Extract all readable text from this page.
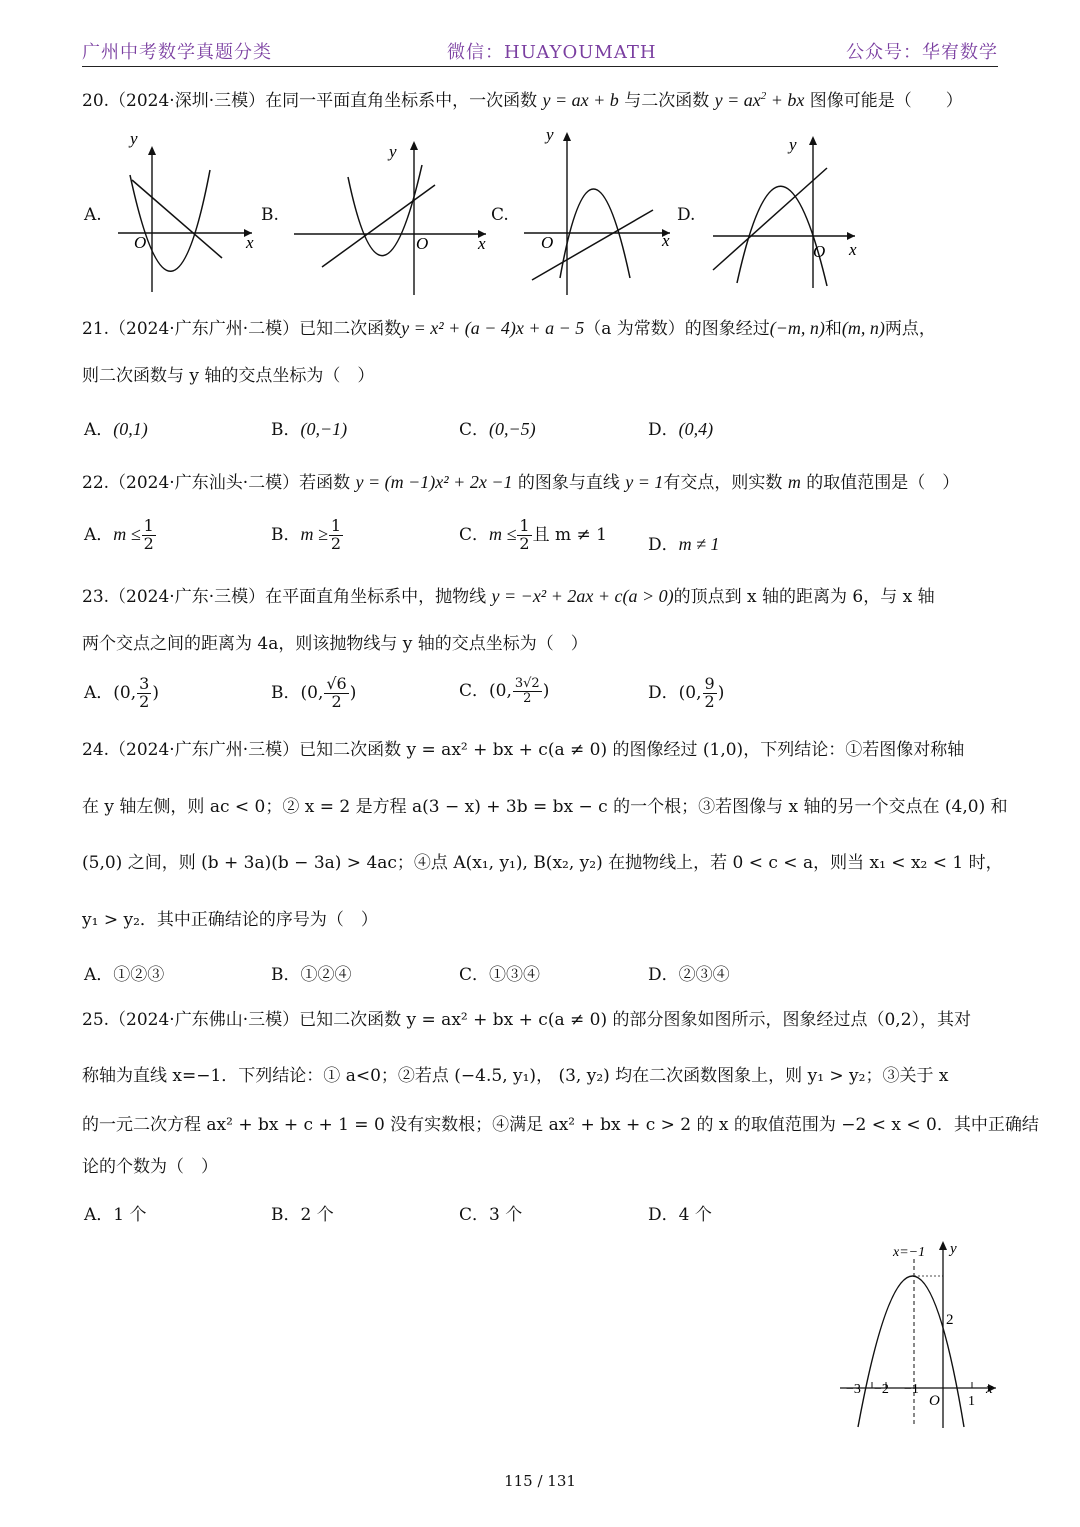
广州中考数学真题分类	微信：HUAYOUMATH	公众号：华宥数学
20.（2024·深圳·三模）在同一平面直角坐标系中，一次函数 y = ax + b 与二次函数 $y = ax^2$ + bx 图像可能是（　　）
A.	B.	C.	D.
y
x
O
y
x
O
y
x
O
y
x
O
21.（2024·广东广州·二模）已知二次函数y = x² + (a − 4)x + a − 5（a 为常数）的图象经过(−m, n)和(m, n)两点，
则二次函数与 y 轴的交点坐标为（　）
A．(0,1)	B．(0,−1)	C．(0,−5)	D．(0,4)
22.（2024·广东汕头·二模）若函数 y = (m −1)x² + 2x −1 的图象与直线 y = 1有交点，则实数 m 的取值范围是（　）
A．$m \le \frac{1}{2}$	B．$m \ge \frac{1}{2}$	C．$m \le \frac{1}{2}$ 且 m ≠ 1
D．m ≠ 1
23.（2024·广东·三模）在平面直角坐标系中，抛物线 y = −x² + 2ax + c(a > 0)的顶点到 x 轴的距离为 6，与 x 轴
两个交点之间的距离为 4a，则该抛物线与 y 轴的交点坐标为（　）
A．(0, $\frac{3}{2}$ )	B．(0, $\frac{√6}{2}$ )	C．(0, $\frac{3√2}{2}$ )	D．(0, $\frac{9}{2}$ )
24.（2024·广东广州·三模）已知二次函数 y = ax² + bx + c(a ≠ 0) 的图像经过 (1,0)，下列结论：①若图像对称轴
在 y 轴左侧，则 ac < 0；② x = 2 是方程 a(3 − x) + 3b = bx − c 的一个根；③若图像与 x 轴的另一个交点在 (4,0) 和
(5,0) 之间，则 (b + 3a)(b − 3a) > 4ac；④点 A(x₁, y₁), B(x₂, y₂) 在抛物线上，若 0 < c < a，则当 x₁ < x₂ < 1 时，
y₁ > y₂．其中正确结论的序号为（　）
A．①②③	B．①②④	C．①③④	D．②③④
25.（2024·广东佛山·三模）已知二次函数 y = ax² + bx + c(a ≠ 0) 的部分图象如图所示，图象经过点（0,2），其对
称轴为直线 x=−1．下列结论：① a<0；②若点 (−4.5, y₁)， (3, y₂) 均在二次函数图象上，则 y₁ > y₂；③关于 x
的一元二次方程 ax² + bx + c + 1 = 0 没有实数根；④满足 ax² + bx + c > 2 的 x 的取值范围为 −2 < x < 0．其中正确结
论的个数为（　）
A．1 个	B．2 个	C．3 个	D．4 个
x=−1 y
2
x
O
−3 −2 −1
1
115 / 131
